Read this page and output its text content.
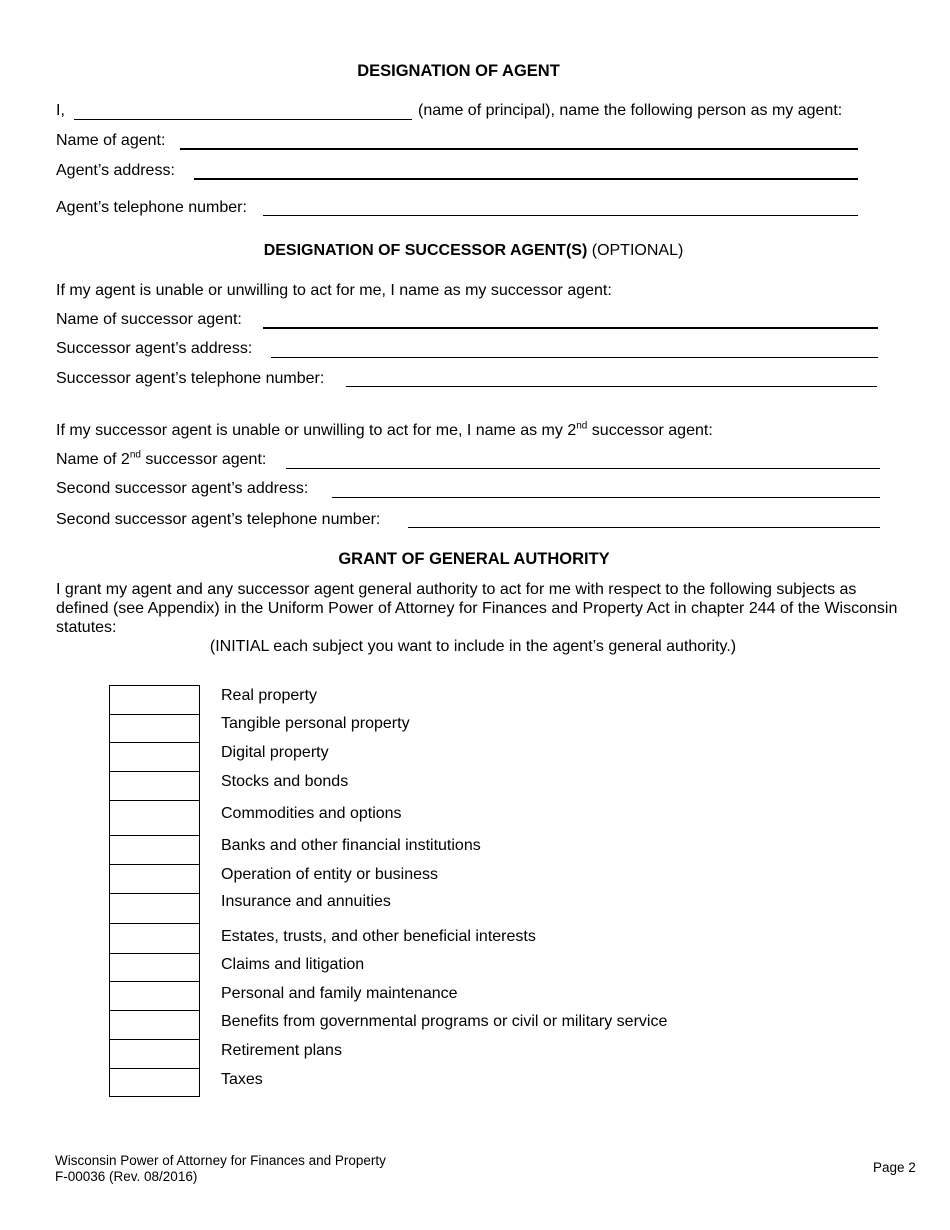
DESIGNATION OF AGENT
I,	(name of principal), name the following person as my agent:
Name of agent:
Agent’s address:
Agent’s telephone number:
DESIGNATION OF SUCCESSOR AGENT(S) (OPTIONAL)
If my agent is unable or unwilling to act for me, I name as my successor agent:
Name of successor agent:
Successor agent’s address:
Successor agent’s telephone number:
If my successor agent is unable or unwilling to act for me, I name as my 2nd successor agent:
Name of 2nd successor agent:
Second successor agent’s address:
Second successor agent’s telephone number:
GRANT OF GENERAL AUTHORITY
I grant my agent and any successor agent general authority to act for me with respect to the following subjects as defined (see Appendix) in the Uniform Power of Attorney for Finances and Property Act in chapter 244 of the Wisconsin statutes:
(INITIAL each subject you want to include in the agent’s general authority.)
Real property
Tangible personal property
Digital property
Stocks and bonds
Commodities and options
Banks and other financial institutions
Operation of entity or business
Insurance and annuities
Estates, trusts, and other beneficial interests
Claims and litigation
Personal and family maintenance
Benefits from governmental programs or civil or military service
Retirement plans
Taxes
Wisconsin Power of Attorney for Finances and Property
F-00036 (Rev. 08/2016)
Page 2
